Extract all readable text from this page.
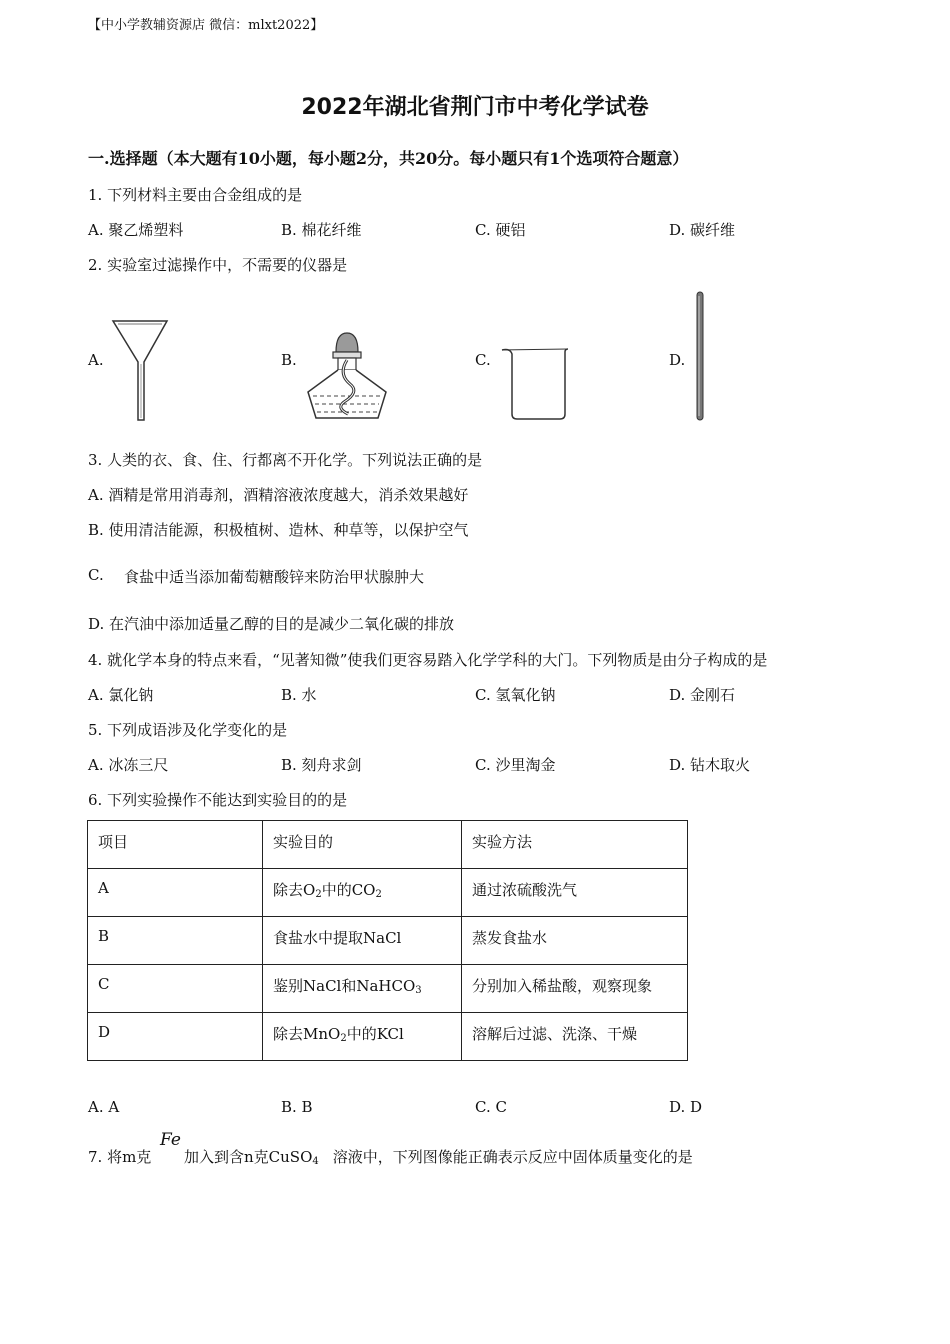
【中小学教辅资源店 微信：mlxt2022】
2022年湖北省荆门市中考化学试卷
一.选择题（本大题有10小题，每小题2分，共20分。每小题只有1个选项符合题意）
1. 下列材料主要由合金组成的是
A. 聚乙烯塑料	B. 棉花纤维	C. 硬铝	D. 碳纤维
2. 实验室过滤操作中，不需要的仪器是
A.	B.	C.	D.
3. 人类的衣、食、住、行都离不开化学。下列说法正确的是
A. 酒精是常用消毒剂，酒精溶液浓度越大，消杀效果越好
B. 使用清洁能源，积极植树、造林、种草等，以保护空气
C. 食盐中适当添加葡萄糖酸锌来防治甲状腺肿大
D. 在汽油中添加适量乙醇的目的是减少二氧化碳的排放
4. 就化学本身的特点来看，“见著知微”使我们更容易踏入化学学科的大门。下列物质是由分子构成的是
A. 氯化钠	B. 水	C. 氢氧化钠	D. 金刚石
5. 下列成语涉及化学变化的是
A. 冰冻三尺	B. 刻舟求剑	C. 沙里淘金	D. 钻木取火
6. 下列实验操作不能达到实验目的的是
项目	实验目的	实验方法
A	除去$O_2$中的$CO_2$	通过浓硫酸洗气
B	食盐水中提取NaCl	蒸发食盐水
C	鉴别NaCl和NaHCO$_3$	分别加入稀盐酸，观察现象
D	除去MnO$_2$中的KCl	溶解后过滤、洗涤、干燥
A. A	B. B	C. C	D. D
7. 将m克
Fe
加入到含n克CuSO$_4$ 溶液中，下列图像能正确表示反应中固体质量变化的是
